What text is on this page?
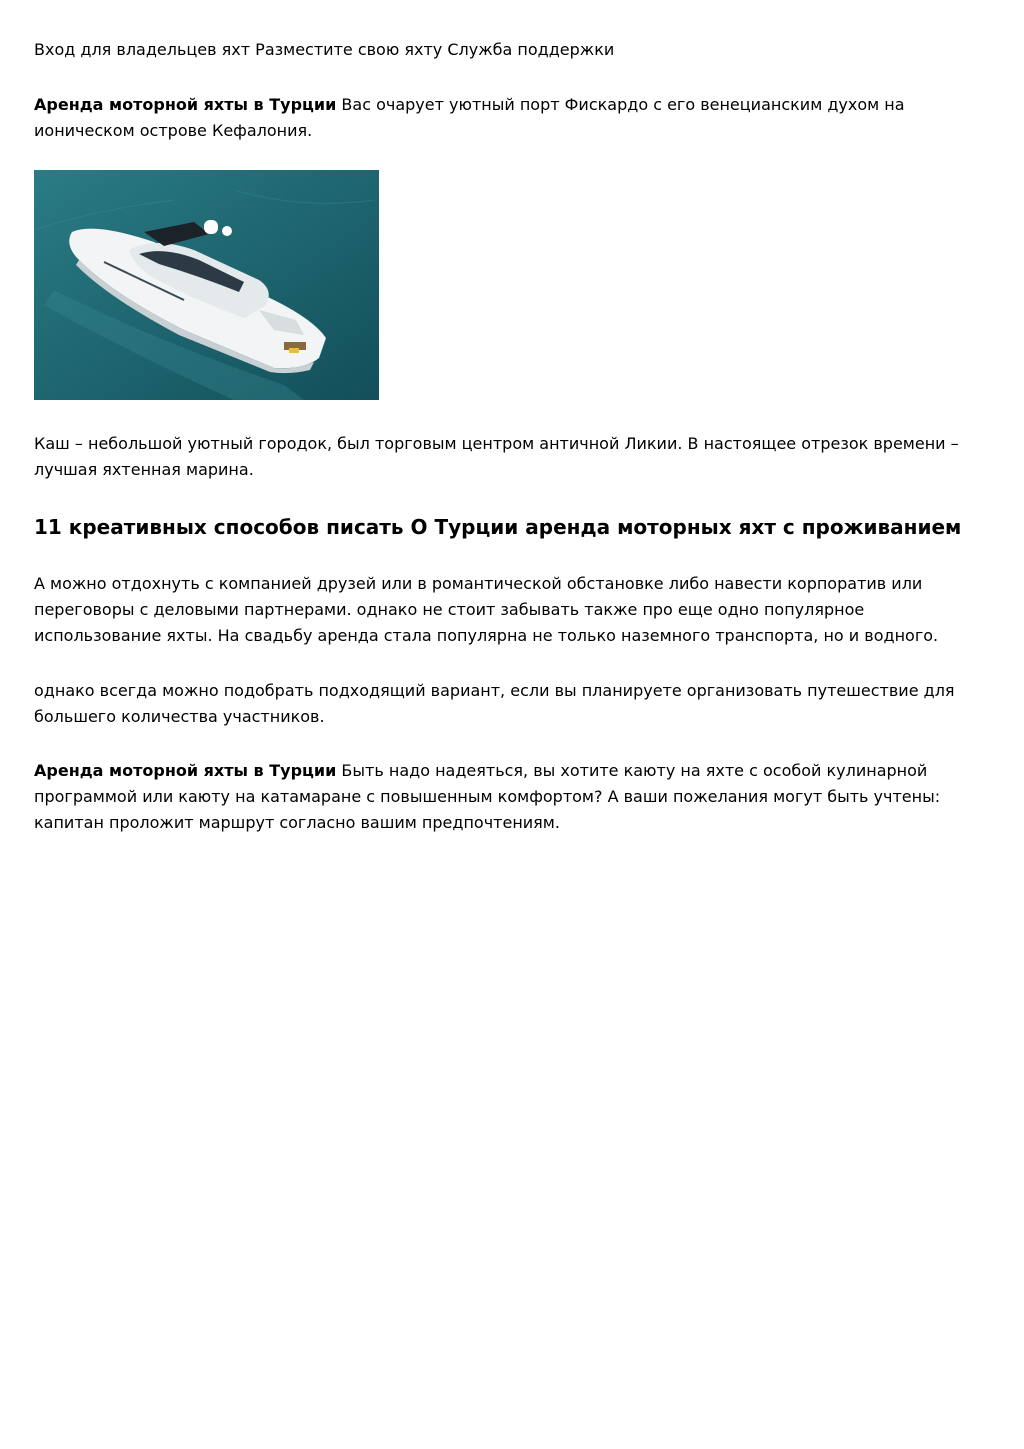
Вход для владельцев яхт Разместите свою яхту Служба поддержки

Аренда моторной яхты в Турции Вас очарует уютный порт Фискардо с его венецианским духом на ионическом острове Кефалония.

Каш – небольшой уютный городок, был торговым центром античной Ликии. В настоящее отрезок времени – лучшая яхтенная марина.

11 креативных способов писать О Турции аренда моторных яхт с проживанием

А можно отдохнуть с компанией друзей или в романтической обстановке либо навести корпоратив или переговоры с деловыми партнерами. однако не стоит забывать также про еще одно популярное использование яхты. На свадьбу аренда стала популярна не только наземного транспорта, но и водного.

однако всегда можно подобрать подходящий вариант, если вы планируете организовать путешествие для большего количества участников.

Аренда моторной яхты в Турции Быть надо надеяться, вы хотите каюту на яхте с особой кулинарной программой или каюту на катамаране с повышенным комфортом? А ваши пожелания могут быть учтены: капитан проложит маршрут согласно вашим предпочтениям.
